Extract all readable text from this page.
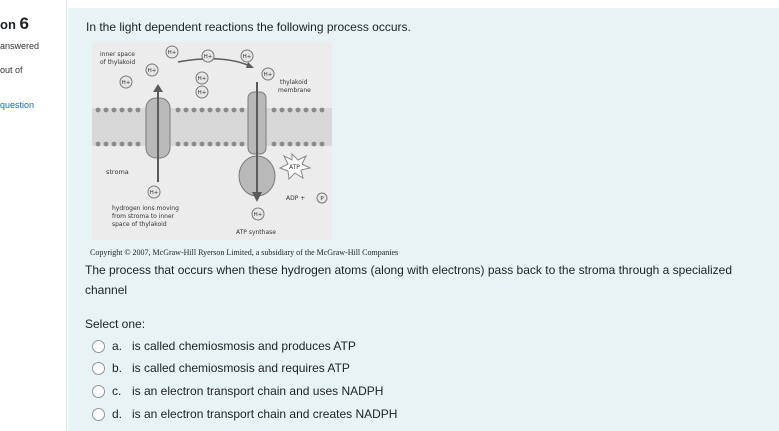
on 6
answered
out of
question
In the light dependent reactions the following process occurs.
H+
H+
H+	H+
H+
H+
H+
H+
H+
H+
P
inner space
of thylakoid
thylakoid
membrane
stroma
hydrogen ions moving
from stroma to inner
space of thylakoid
ATP
ADP +
ATP synthase
Copyright © 2007, McGraw-Hill Ryerson Limited, a subsidiary of the McGraw-Hill Companies
The process that occurs when these hydrogen atoms (along with electrons) pass back to the stroma through a specialized channel
Select one:
a. is called chemiosmosis and produces ATP
b. is called chemiosmosis and requires ATP
c. is an electron transport chain and uses NADPH
d. is an electron transport chain and creates NADPH
